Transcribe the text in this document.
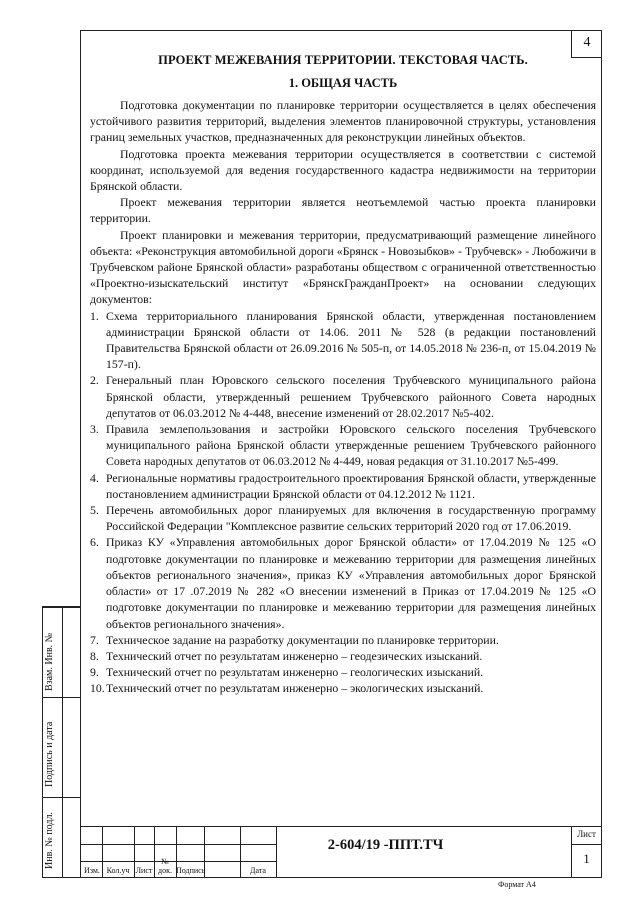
4
ПРОЕКТ МЕЖЕВАНИЯ ТЕРРИТОРИИ. ТЕКСТОВАЯ ЧАСТЬ.
1. ОБЩАЯ ЧАСТЬ

Подготовка документации по планировке территории осуществляется в целях обеспечения устойчивого развития территорий, выделения элементов планировочной структуры, установления границ земельных участков, предназначенных для реконструкции линейных объектов.

Подготовка проекта межевания территории осуществляется в соответствии с системой координат, используемой для ведения государственного кадастра недвижимости на территории Брянской области.

Проект межевания территории является неотъемлемой частью проекта планировки территории.

Проект планировки и межевания территории, предусматривающий размещение линейного объекта: «Реконструкция автомобильной дороги «Брянск - Новозыбков» - Трубчевск» - Любожичи в Трубчевском районе Брянской области» разработаны обществом с ограниченной ответственностью «Проектно-изыскательский институт «БрянскГражданПроект» на основании следующих документов:

1. Схема территориального планирования Брянской области, утвержденная постановлением администрации Брянской области от 14.06. 2011 № 528 (в редакции постановлений Правительства Брянской области от 26.09.2016 № 505-п, от 14.05.2018 № 236-п, от 15.04.2019 № 157-п).
2. Генеральный план Юровского сельского поселения Трубчевского муниципального района Брянской области, утвержденный решением Трубчевского районного Совета народных депутатов от 06.03.2012 № 4-448, внесение изменений от 28.02.2017 №5-402.
3. Правила землепользования и застройки Юровского сельского поселения Трубчевского муниципального района Брянской области утвержденные решением Трубчевского районного Совета народных депутатов от 06.03.2012 № 4-449, новая редакция от 31.10.2017 №5-499.
4. Региональные нормативы градостроительного проектирования Брянской области, утвержденные постановлением администрации Брянской области от 04.12.2012 № 1121.
5. Перечень автомобильных дорог планируемых для включения в государственную программу Российской Федерации "Комплексное развитие сельских территорий 2020 год от 17.06.2019.
6. Приказ КУ «Управления автомобильных дорог Брянской области» от 17.04.2019 № 125 «О подготовке документации по планировке и межеванию территории для размещения линейных объектов регионального значения», приказ КУ «Управления автомобильных дорог Брянской области» от 17 .07.2019 № 282 «О внесении изменений в Приказ от 17.04.2019 № 125 «О подготовке документации по планировке и межеванию территории для размещения линейных объектов регионального значения».
7. Техническое задание на разработку документации по планировке территории.
8. Технический отчет по результатам инженерно – геодезических изысканий.
9. Технический отчет по результатам инженерно – геологических изысканий.
10. Технический отчет по результатам инженерно – экологических изысканий.
Взам. Инв. №
Подпись и дата
Инв. № подл.
Изм. Кол.уч Лист
№ док. Подпись	Дата
2-604/19 -ППТ.ТЧ
Лист
1
Формат А4
